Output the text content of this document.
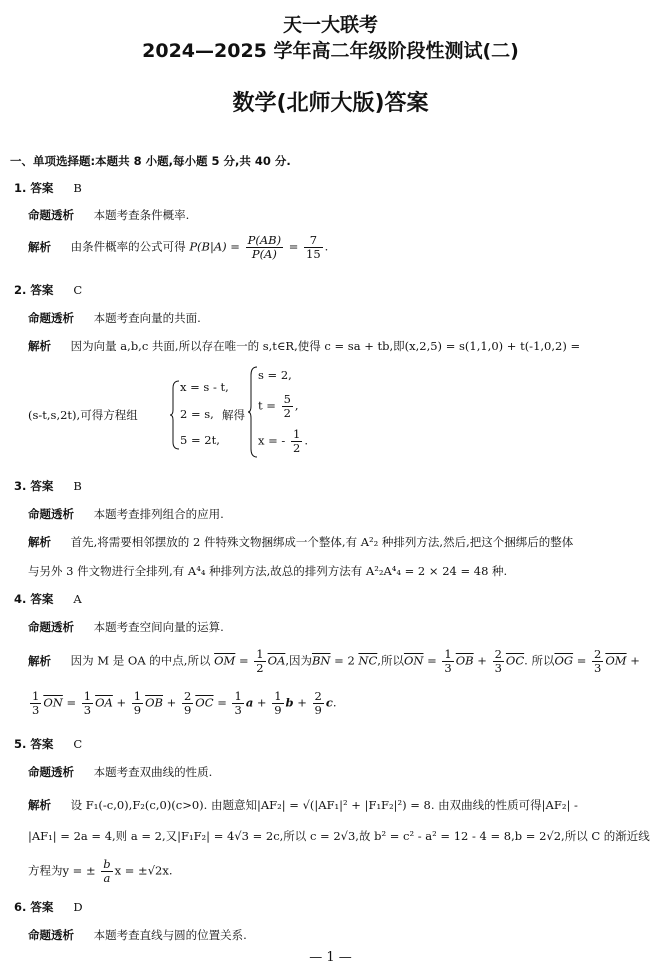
天一大联考
2024—2025 学年高二年级阶段性测试(二)
数学(北师大版)答案
一、单项选择题:本题共 8 小题,每小题 5 分,共 40 分.
1. 答案 B
命题透析 本题考查条件概率.
解析 由条件概率的公式可得 $P(B|A) = \frac{P(AB)}{P(A)} = \frac{7}{15}$ .
2. 答案 C
命题透析 本题考查向量的共面.
解析 因为向量 a,b,c 共面,所以存在唯一的 s,t∈R,使得 c = sa + tb,即(x,2,5) = s(1,1,0) + t(-1,0,2) =
(s-t,s,2t),可得方程组
x = s - t,
2 = s,
5 = 2t,
解得
s = 2,
$t = \frac{5}{2}$ ,
x = - $\frac{1}{2}$ .
3. 答案 B
命题透析 本题考查排列组合的应用.
解析 首先,将需要相邻摆放的 2 件特殊文物捆绑成一个整体,有 A²₂ 种排列方法,然后,把这个捆绑后的整体
与另外 3 件文物进行全排列,有 A⁴₄ 种排列方法,故总的排列方法有 A²₂A⁴₄ = 2 × 24 = 48 种.
4. 答案 A
命题透析 本题考查空间向量的运算.
解析 因为 M 是 OA 的中点,所以 $\overline{OM} = \frac{1}{2} \overline{OA}$,因为$\overline{BN} = 2$ $\overline{NC}$,所以$\overline{ON} = \frac{1}{3} \overline{OB} + \frac{2}{3} \overline{OC}$. 所以$\overline{OG} = \frac{2}{3} \overline{OM}$ +
$\frac{1}{3} \overline{ON} = \frac{1}{3} \overline{OA} + \frac{1}{9} \overline{OB} + \frac{2}{9} \overline{OC} = \frac{1}{3}$ $a + \frac{1}{9}$ $b + \frac{2}{9} c$.
5. 答案 C
命题透析 本题考查双曲线的性质.
解析 设 F₁(-c,0),F₂(c,0)(c>0). 由题意知|AF₂| = √(|AF₁|² + |F₁F₂|²) = 8. 由双曲线的性质可得|AF₂| -
|AF₁| = 2a = 4,则 a = 2,又|F₁F₂| = 4√3 = 2c,所以 c = 2√3,故 b² = c² - a² = 12 - 4 = 8,b = 2√2,所以 C 的渐近线
方程为y = ± $\frac{b}{a}$ x = ±√2x.
6. 答案 D
命题透析 本题考查直线与圆的位置关系.
— 1 —
